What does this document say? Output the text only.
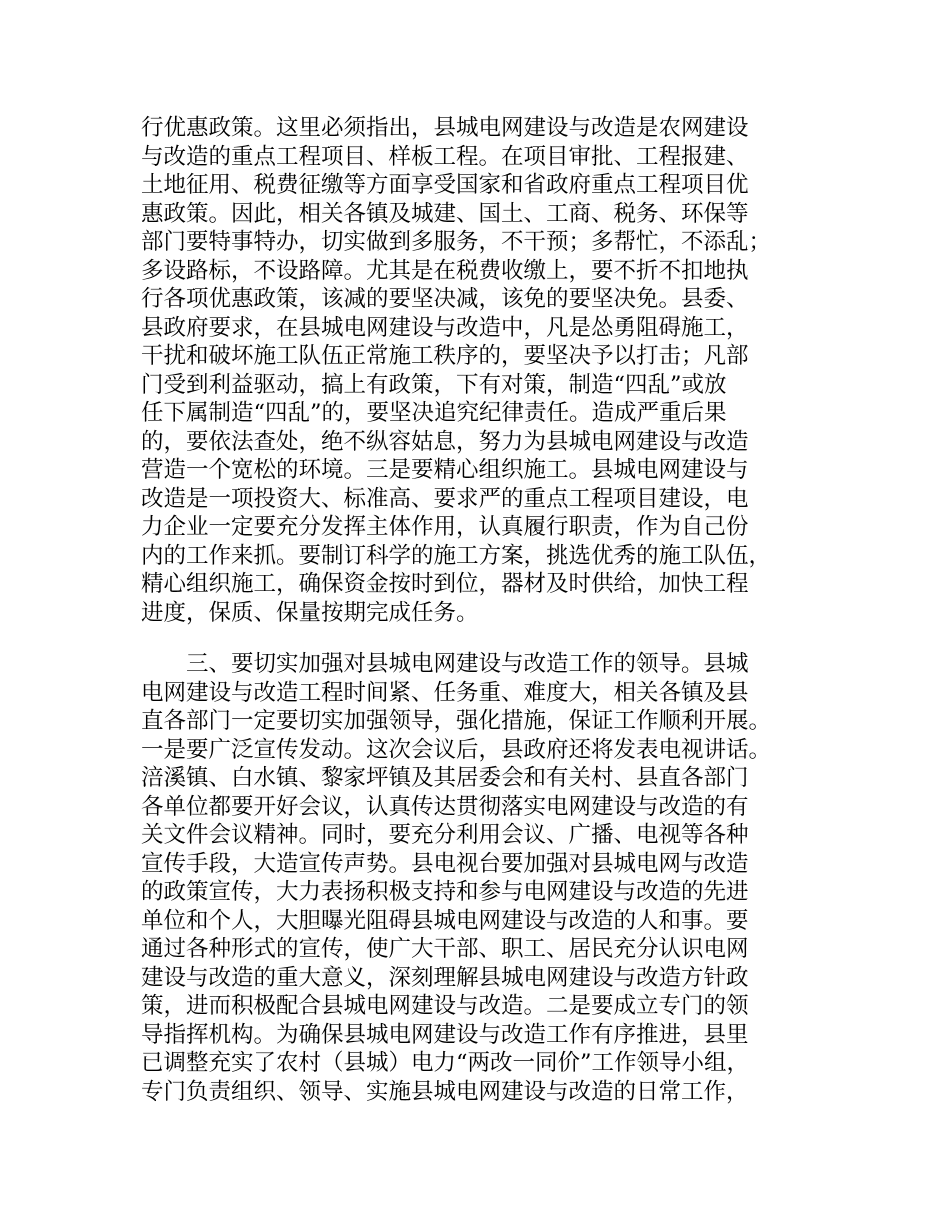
行优惠政策。这里必须指出，县城电网建设与改造是农网建设
与改造的重点工程项目、样板工程。在项目审批、工程报建、
土地征用、税费征缴等方面享受国家和省政府重点工程项目优
惠政策。因此，相关各镇及城建、国土、工商、税务、环保等
部门要特事特办，切实做到多服务，不干预；多帮忙，不添乱；
多设路标，不设路障。尤其是在税费收缴上，要不折不扣地执
行各项优惠政策，该减的要坚决减，该免的要坚决免。县委、
县政府要求，在县城电网建设与改造中，凡是怂勇阻碍施工，
干扰和破坏施工队伍正常施工秩序的，要坚决予以打击；凡部
门受到利益驱动，搞上有政策，下有对策，制造“四乱”或放
任下属制造“四乱”的，要坚决追究纪律责任。造成严重后果
的，要依法查处，绝不纵容姑息，努力为县城电网建设与改造
营造一个宽松的环境。三是要精心组织施工。县城电网建设与
改造是一项投资大、标准高、要求严的重点工程项目建设，电
力企业一定要充分发挥主体作用，认真履行职责，作为自己份
内的工作来抓。要制订科学的施工方案，挑选优秀的施工队伍，
精心组织施工，确保资金按时到位，器材及时供给，加快工程
进度，保质、保量按期完成任务。
　　三、要切实加强对县城电网建设与改造工作的领导。县城
电网建设与改造工程时间紧、任务重、难度大，相关各镇及县
直各部门一定要切实加强领导，强化措施，保证工作顺利开展。
一是要广泛宣传发动。这次会议后，县政府还将发表电视讲话。
涪溪镇、白水镇、黎家坪镇及其居委会和有关村、县直各部门
各单位都要开好会议，认真传达贯彻落实电网建设与改造的有
关文件会议精神。同时，要充分利用会议、广播、电视等各种
宣传手段，大造宣传声势。县电视台要加强对县城电网与改造
的政策宣传，大力表扬积极支持和参与电网建设与改造的先进
单位和个人，大胆曝光阻碍县城电网建设与改造的人和事。要
通过各种形式的宣传，使广大干部、职工、居民充分认识电网
建设与改造的重大意义，深刻理解县城电网建设与改造方针政
策，进而积极配合县城电网建设与改造。二是要成立专门的领
导指挥机构。为确保县城电网建设与改造工作有序推进，县里
已调整充实了农村（县城）电力“两改一同价”工作领导小组，
专门负责组织、领导、实施县城电网建设与改造的日常工作，
